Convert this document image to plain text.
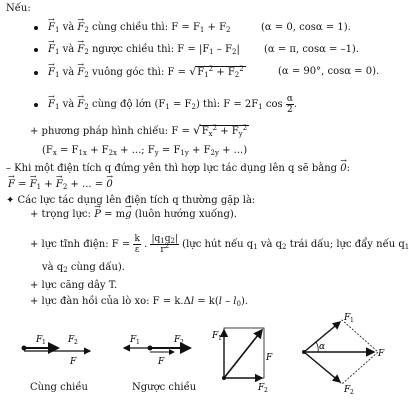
Nếu:
→ $F_1$ và → $F_2$ cùng chiều thì: $F = F_1 + F_2$	(α = 0, cosα = 1).
→ $F_1$ và → $F_2$ ngược chiều thì: $F = |F_1 - F_2|$ (α = π, cosα = –1).
→ $F_1$ và → $F_2$ vuông góc thì: $F = √F_1^2 + F_2^2$	(α = 90°, cosα = 0).
→ $F_1$ và → $F_2$ cùng độ lớn $(F_1 = F_2)$ thì: $F = 2F_1$ $\cos \frac{\alpha}{2}$ .
+ phương pháp hình chiếu: $F = √F_x^2 + F_y^2$
($F_x = F_{1x} + F_{2x}$ + ...; $F_y = F_{1y} + F_{2y}$ + ...)
– Khi một điện tích q đứng yên thì hợp lực tác dụng lên q sẽ bằng → 0:
→ F = → $F_1$ + → $F_2$ + ... = → 0
✦ Các lực tác dụng lên điện tích q thường gặp là:
+ trọng lực: → P = m→ g (luôn hướng xuống).
+ lực tĩnh điện: $F = \frac{k}{\varepsilon}$ . $\frac{|q_1q_2|}{r^2}$ (lực hút nếu $q_1$ và $q_2$ trái dấu; lực đẩy nếu $q_1$
và $q_2$ cùng dấu).
+ lực căng dây T.
+ lực đàn hồi của lò xo: $F = k.\Delta l = k(l - l_0)$.
F 1 F 2
F
Cùng chiều
F 1	F 2
F
Ngược chiều
F 1
F
F 2
α
F 1
F
F 2
